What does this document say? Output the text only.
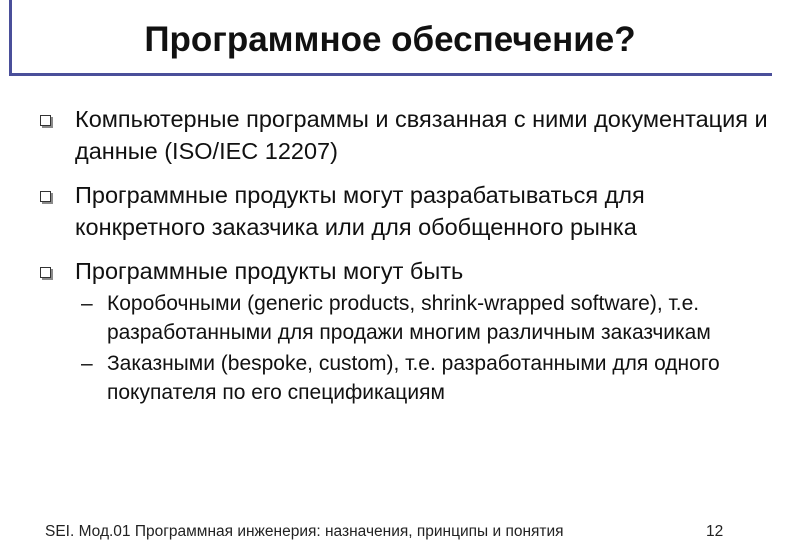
Программное обеспечение?
Компьютерные программы и связанная с ними документация и данные (ISO/IEC 12207)
Программные продукты могут разрабатываться для конкретного заказчика или для обобщенного рынка
Программные продукты могут быть
– Коробочными (generic products, shrink-wrapped software), т.е. разработанными для продажи многим различным заказчикам
– Заказными (bespoke, custom), т.е. разработанными для одного покупателя по его спецификациям
SEI. Мод.01 Программная инженерия: назначения, принципы и понятия	12
